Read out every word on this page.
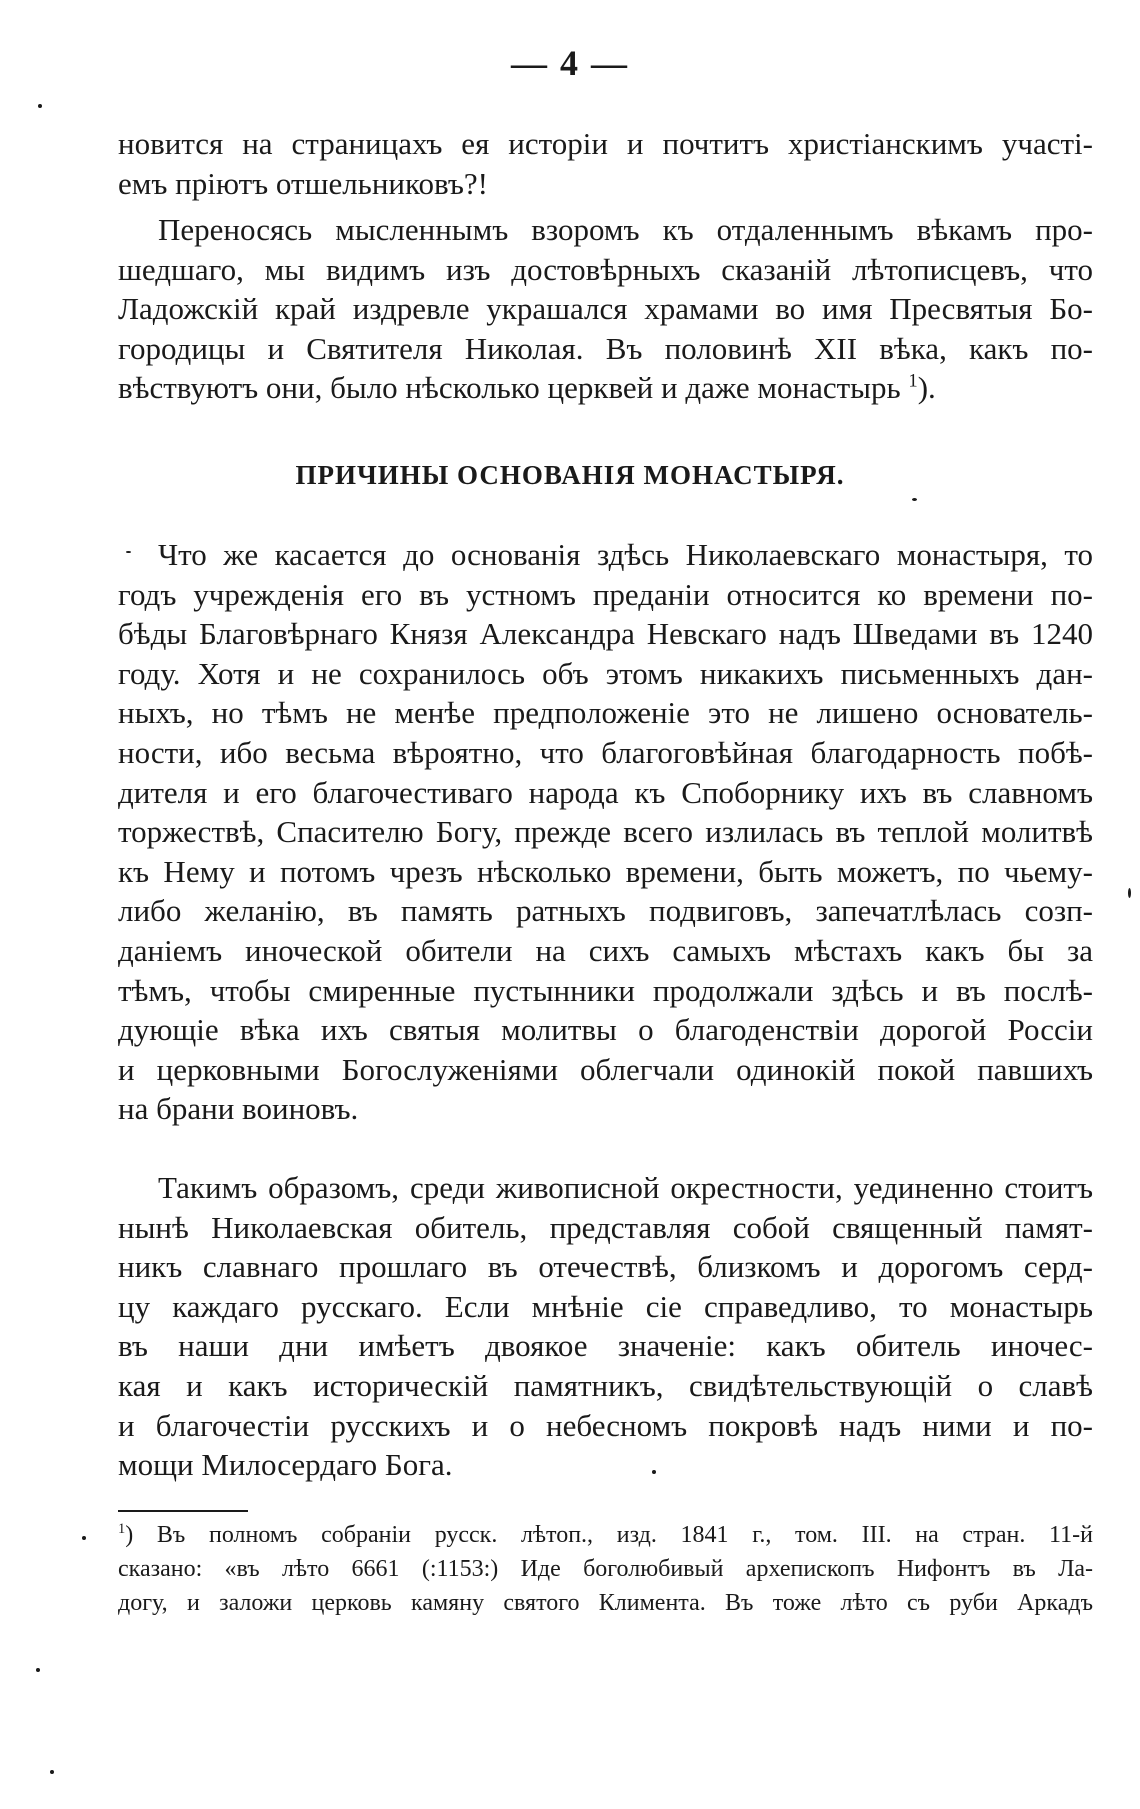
— 4 —
новится на страницахъ ея исторіи и почтитъ христіанскимъ участі-
емъ пріютъ отшельниковъ?!
Переносясь мысленнымъ взоромъ къ отдаленнымъ вѣкамъ про-
шедшаго, мы видимъ изъ достовѣрныхъ сказаній лѣтописцевъ, что
Ладожскій край издревле украшался храмами во имя Пресвятыя Бо-
городицы и Святителя Николая. Въ половинѣ XII вѣка, какъ по-
вѣствуютъ они, было нѣсколько церквей и даже монастырь $^1$).
ПРИЧИНЫ ОСНОВАНІЯ МОНАСТЫРЯ.
Что же касается до основанія здѣсь Николаевскаго монастыря, то
годъ учрежденія его въ устномъ преданіи относится ко времени по-
бѣды Благовѣрнаго Князя Александра Невскаго надъ Шведами въ 1240
году. Хотя и не сохранилось объ этомъ никакихъ письменныхъ дан-
ныхъ, но тѣмъ не менѣе предположеніе это не лишено основатель-
ности, ибо весьма вѣроятно, что благоговѣйная благодарность побѣ-
дителя и его благочестиваго народа къ Споборнику ихъ въ славномъ
торжествѣ, Спасителю Богу, прежде всего излилась въ теплой молитвѣ
къ Нему и потомъ чрезъ нѣсколько времени, быть можетъ, по чьему-
либо желанію, въ память ратныхъ подвиговъ, запечатлѣлась созп-
даніемъ иноческой обители на сихъ самыхъ мѣстахъ какъ бы за
тѣмъ, чтобы смиренные пустынники продолжали здѣсь и въ послѣ-
дующіе вѣка ихъ святыя молитвы о благоденствіи дорогой Россіи
и церковными Богослуженіями облегчали одинокій покой павшихъ
на брани воиновъ.
Такимъ образомъ, среди живописной окрестности, уединенно стоитъ
нынѣ Николаевская обитель, представляя собой священный памят-
никъ славнаго прошлаго въ отечествѣ, близкомъ и дорогомъ серд-
цу каждаго русскаго. Если мнѣніе сіе справедливо, то монастырь
въ наши дни имѣетъ двоякое значеніе: какъ обитель иночес-
кая и какъ историческій памятникъ, свидѣтельствующій о славѣ
и благочестіи русскихъ и о небесномъ покровѣ надъ ними и по-
мощи Милосердаго Бога.
$^1$) Въ полномъ собраніи русск. лѣтоп., изд. 1841 г., том. III. на стран. 11-й
сказано: «въ лѣто 6661 (:1153:) Иде боголюбивый архепископъ Нифонтъ въ Ла-
догу, и заложи церковь камяну святого Климента. Въ тоже лѣто съ руби Аркадъ
